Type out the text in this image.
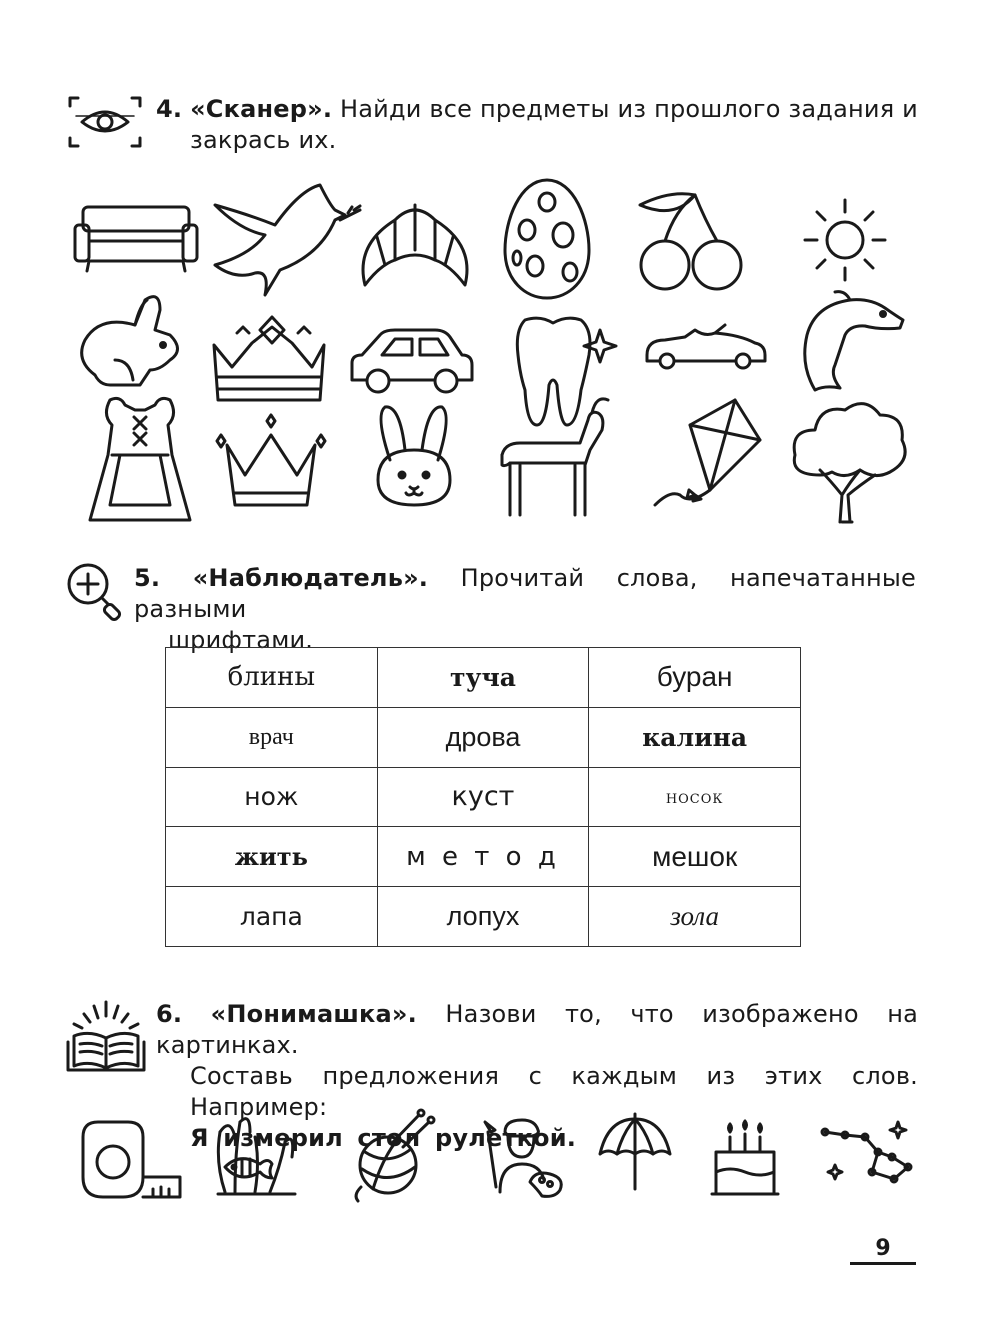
4. «Сканер». Найди все предметы из прошлого задания и
закрась их.
5. «Наблюдатель». Прочитай слова, напечатанные разными
шрифтами.
блины	туча	буран
врач	дрова	калина
нож	куст	носок
жить	м е т о д	мешок
лапа	лопух	зола
6. «Понимашка». Назови то, что изображено на картинках.
Составь предложения с каждым из этих слов. Например:
Я измерил стол рулеткой.
9
